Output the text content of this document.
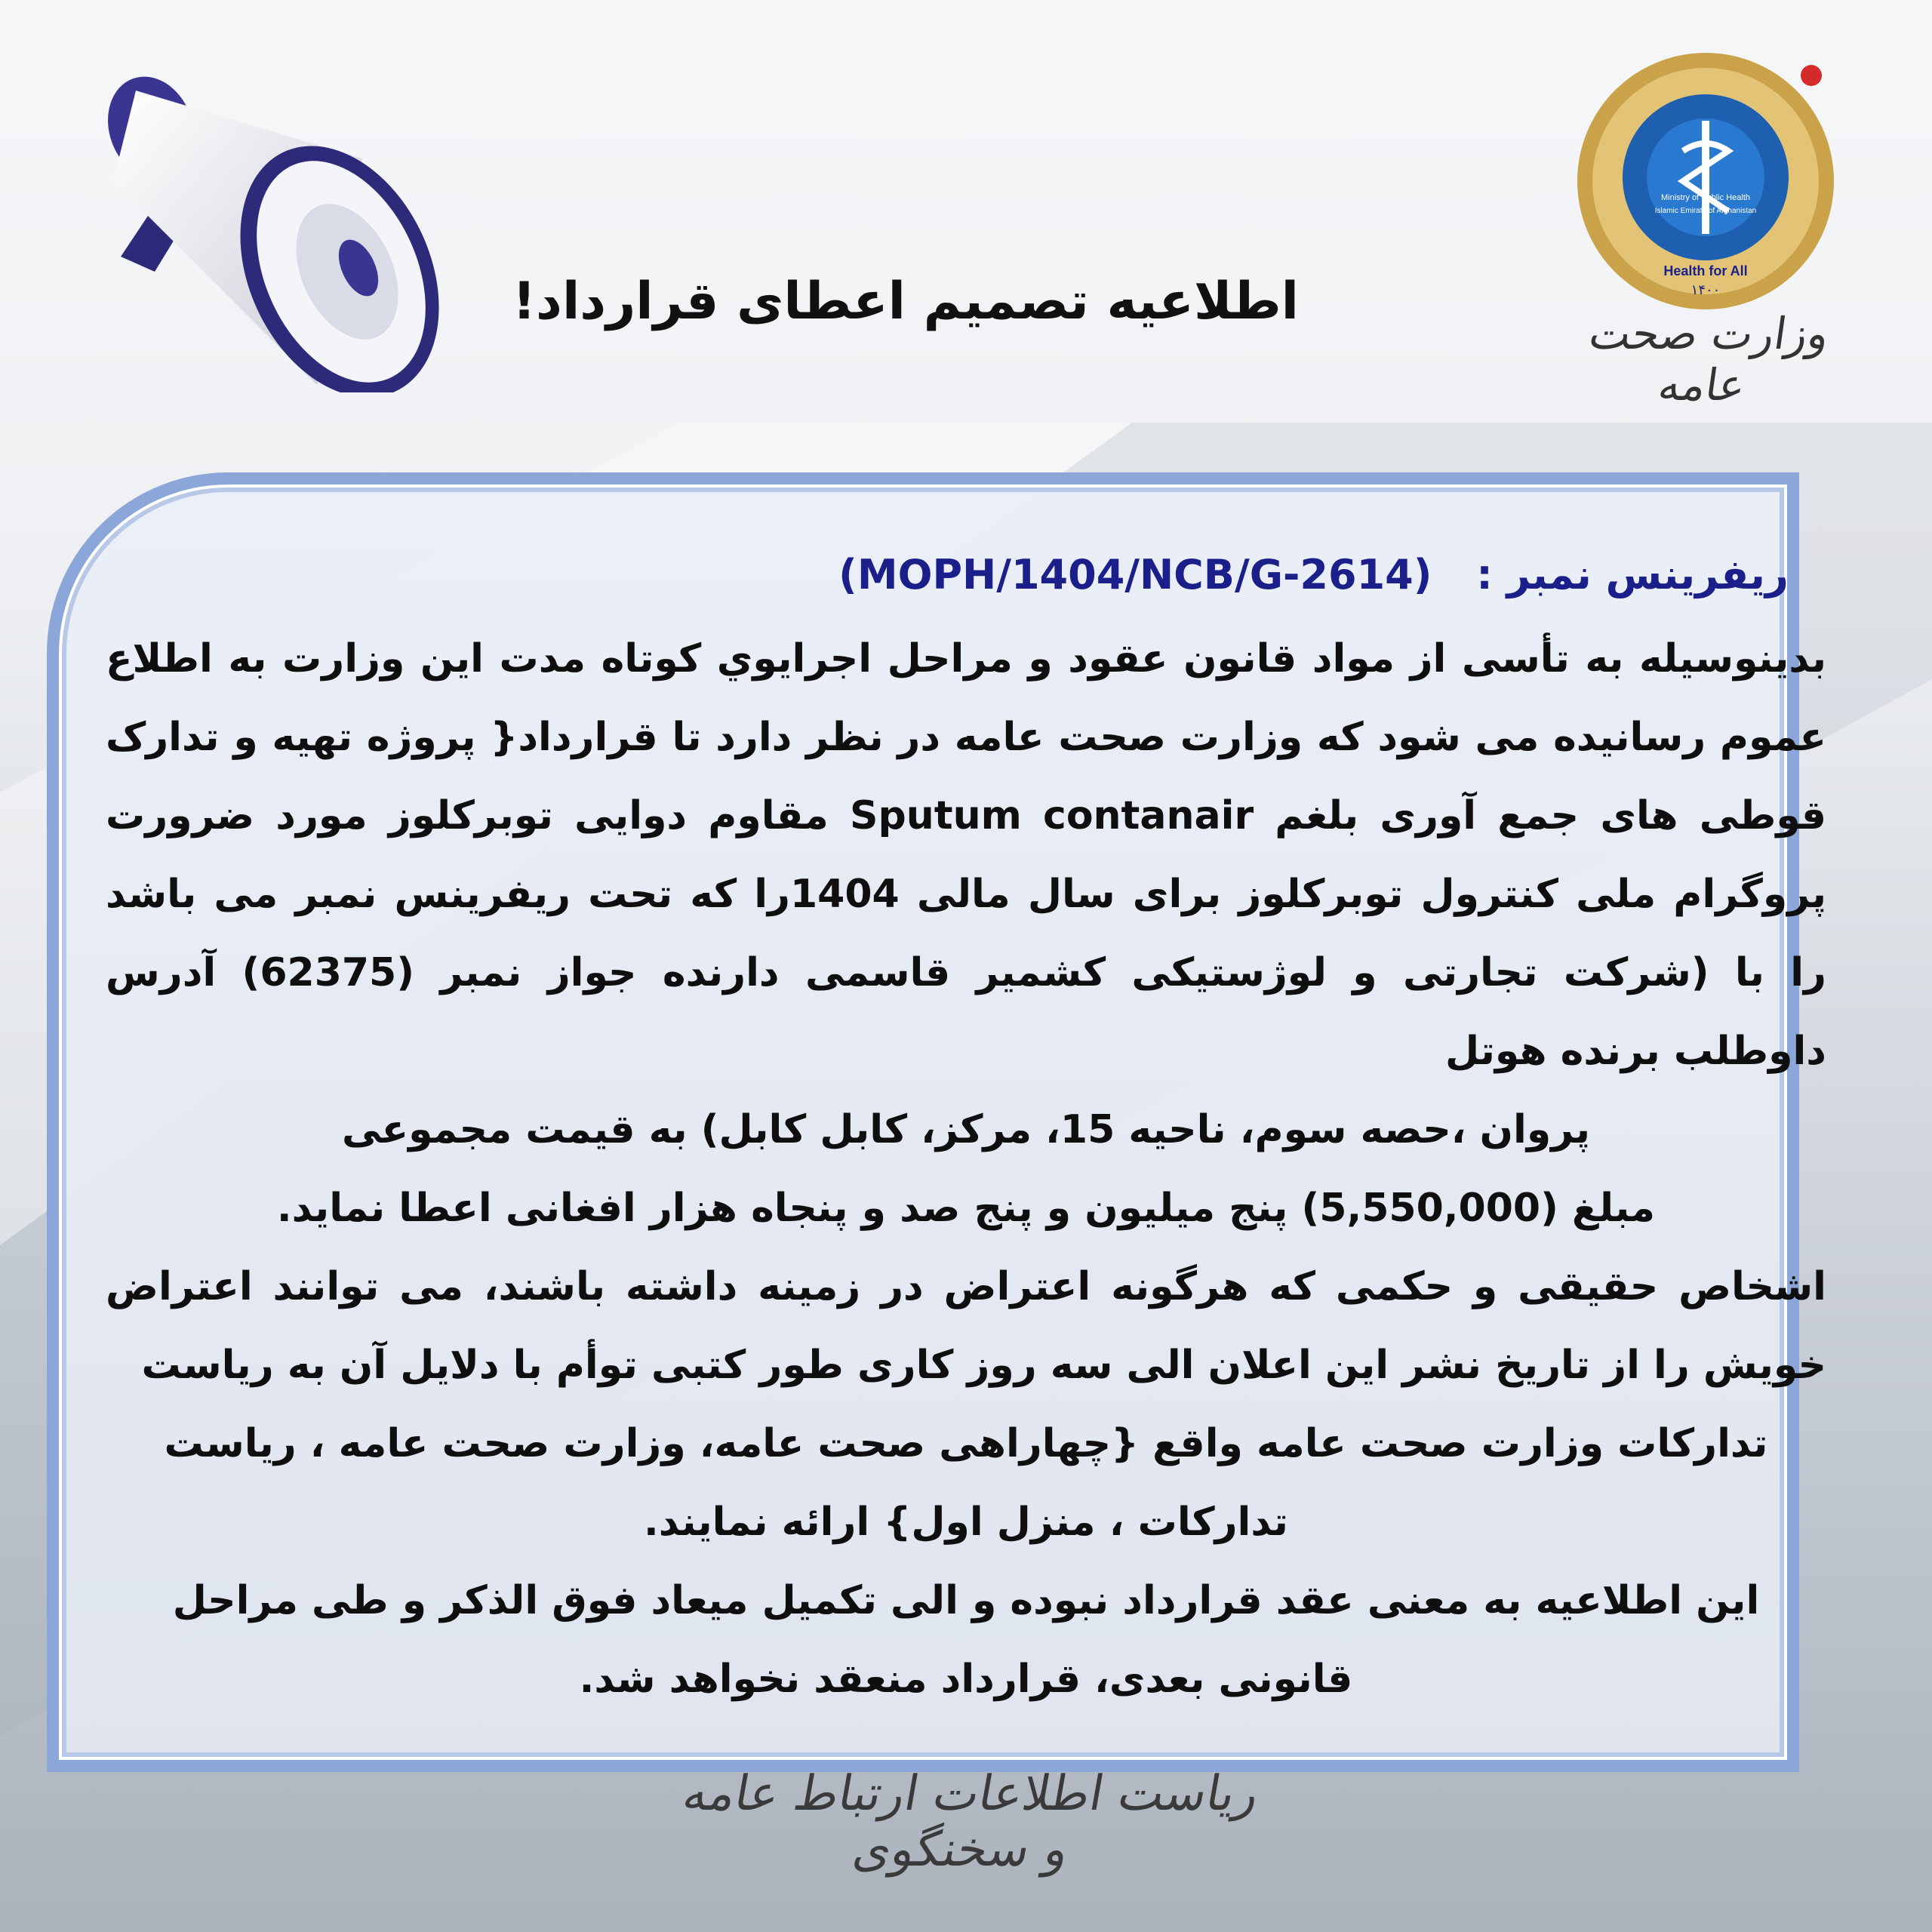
اطلاعیه تصمیم اعطای قرارداد!
Health for All
۱۴۰۰
Ministry of Public Health
Islamic Emirate of Afghanistan
وزارت صحت عامه
ریفرینس نمبر : (MOPH/1404/NCB/G-2614)
بدینوسیله به تأسی از مواد قانون عقود و مراحل اجرایوي کوتاه مدت این وزارت به اطلاع عموم رسانیده می شود که وزارت صحت عامه در نظر دارد تا قرارداد{ پروژه تهیه و تدارک قوطی های جمع آوری بلغم Sputum contanair مقاوم دوایی توبرکلوز مورد ضرورت پروگرام ملی کنترول توبرکلوز برای سال مالی 1404را که تحت ریفرینس نمبر می باشد را با (شرکت تجارتی و لوژستیکی کشمیر قاسمی دارنده جواز نمبر (62375) آدرس داوطلب برنده هوتل
پروان ،حصه سوم، ناحیه 15، مرکز، کابل کابل) به قیمت مجموعی
مبلغ (5,550,000) پنج میلیون و پنج صد و پنجاه هزار افغانی اعطا نماید.
اشخاص حقیقی و حکمی که هرگونه اعتراض در زمینه داشته باشند، می توانند اعتراض خویش را از تاریخ نشر این اعلان الی سه روز کاری طور کتبی توأم با دلایل آن به ریاست
تدارکات وزارت صحت عامه واقع {چهاراهی صحت عامه، وزارت صحت عامه ، ریاست تدارکات ، منزل اول} ارائه نمایند.
این اطلاعیه به معنی عقد قرارداد نبوده و الی تکمیل میعاد فوق الذکر و طی مراحل قانونی بعدی، قرارداد منعقد نخواهد شد.
ریاست اطلاعات ارتباط عامه و سخنگوی
